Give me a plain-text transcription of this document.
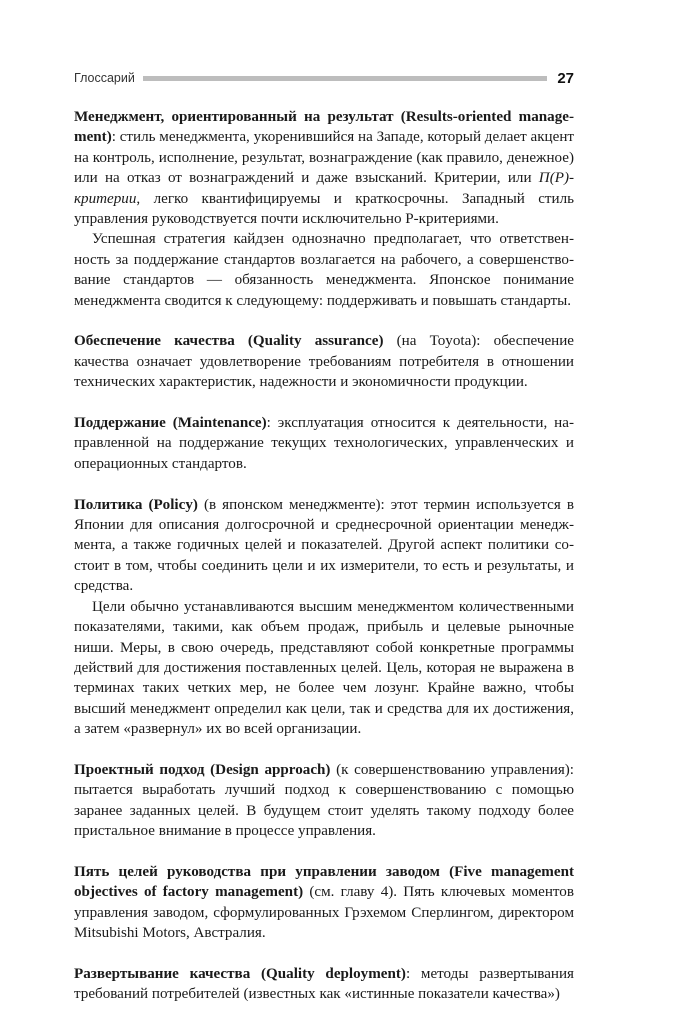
Глоссарий	27

Менеджмент, ориентированный на результат (Results-oriented management): стиль менеджмента, укоренившийся на Западе, который делает акцент на контроль, исполнение, результат, вознаграждение (как правило, денежное) или на отказ от вознаграждений и даже взысканий. Критерии, или П(Р)-критерии, легко квантифицируемы и краткосрочны. Западный стиль управления руководствуется почти исключительно Р-критериями.

Успешная стратегия кайдзен однозначно предполагает, что ответственность за поддержание стандартов возлагается на рабочего, а совершенствование стандартов — обязанность менеджмента. Японское понимание менеджмента сводится к следующему: поддерживать и повышать стандарты.

Обеспечение качества (Quality assurance) (на Toyota): обеспечение качества означает удовлетворение требованиям потребителя в отношении технических характеристик, надежности и экономичности продукции.

Поддержание (Maintenance): эксплуатация относится к деятельности, направленной на поддержание текущих технологических, управленческих и операционных стандартов.

Политика (Policy) (в японском менеджменте): этот термин используется в Японии для описания долгосрочной и среднесрочной ориентации менеджмента, а также годичных целей и показателей. Другой аспект политики состоит в том, чтобы соединить цели и их измерители, то есть и результаты, и средства.

Цели обычно устанавливаются высшим менеджментом количественными показателями, такими, как объем продаж, прибыль и целевые рыночные ниши. Меры, в свою очередь, представляют собой конкретные программы действий для достижения поставленных целей. Цель, которая не выражена в терминах таких четких мер, не более чем лозунг. Крайне важно, чтобы высший менеджмент определил как цели, так и средства для их достижения, а затем «развернул» их во всей организации.

Проектный подход (Design approach) (к совершенствованию управления): пытается выработать лучший подход к совершенствованию с помощью заранее заданных целей. В будущем стоит уделять такому подходу более пристальное внимание в процессе управления.

Пять целей руководства при управлении заводом (Five management objectives of factory management) (см. главу 4). Пять ключевых моментов управления заводом, сформулированных Грэхемом Сперлингом, директором Mitsubishi Motors, Австралия.

Развертывание качества (Quality deployment): методы развертывания требований потребителей (известных как «истинные показатели качества»)
